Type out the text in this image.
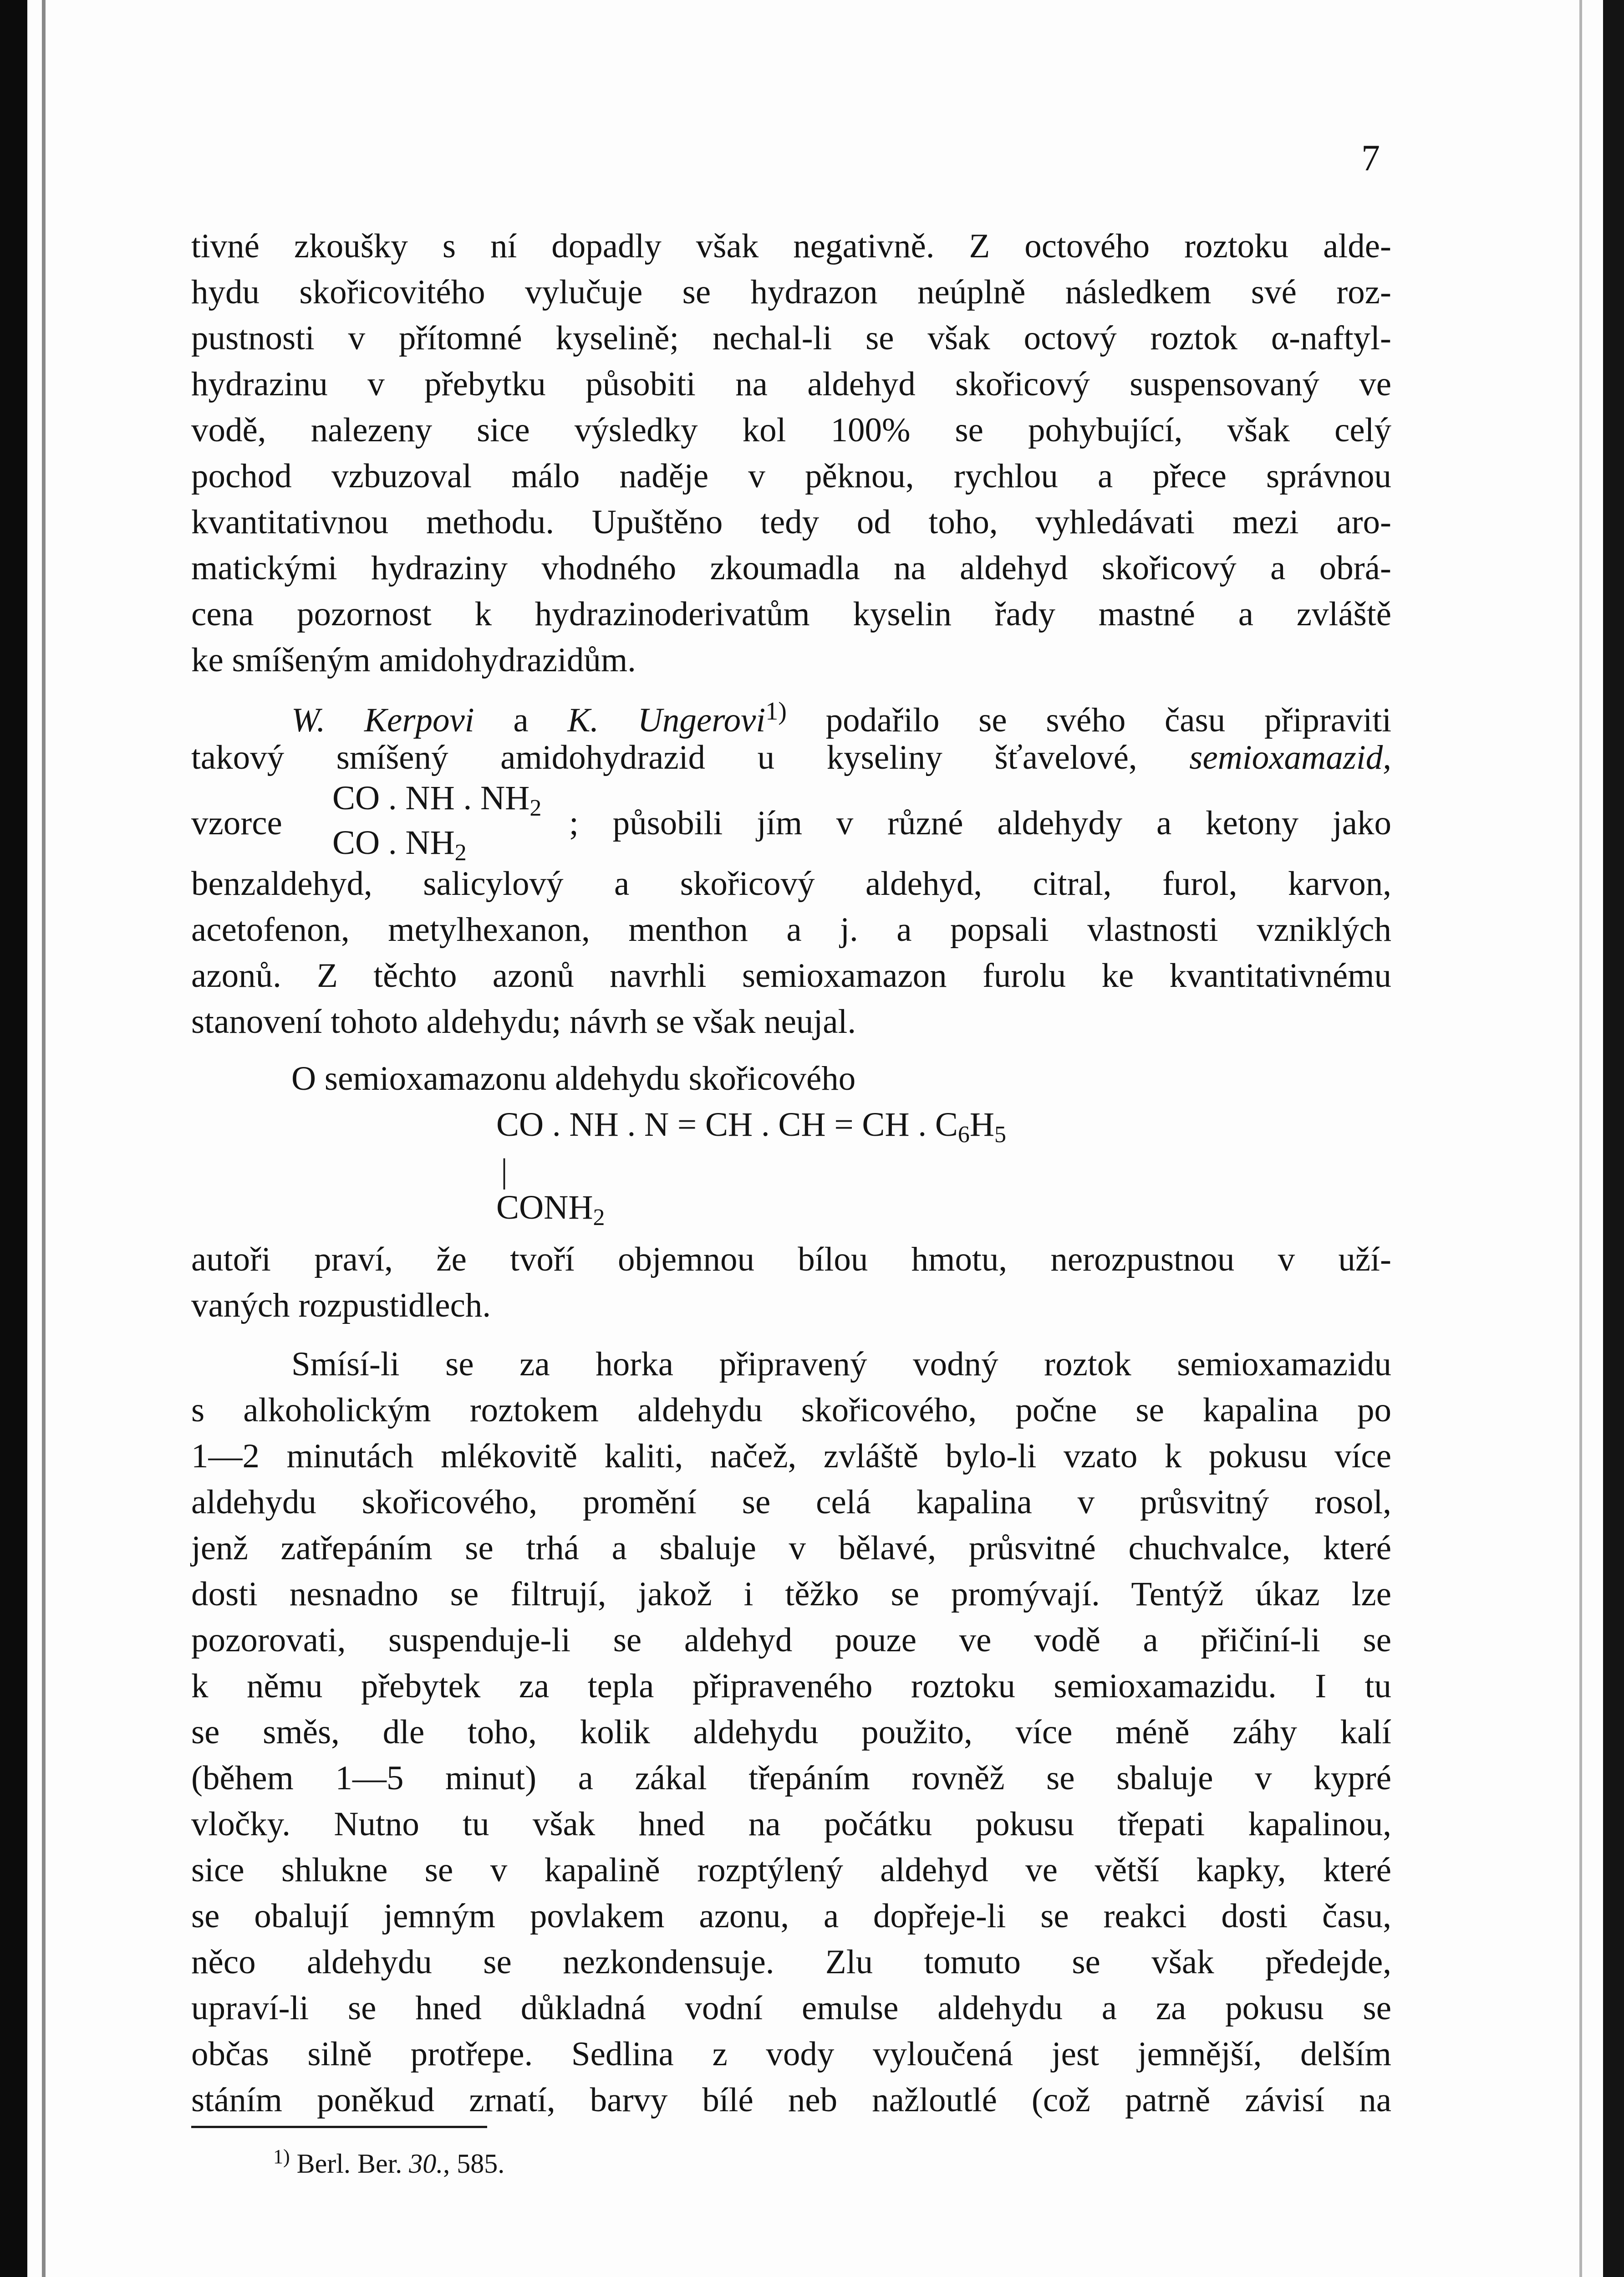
7
tivné zkoušky s ní dopadly však negativně. Z octového roztoku alde-
hydu skořicovitého vylučuje se hydrazon neúplně následkem své roz-
pustnosti v přítomné kyselině; nechal-li se však octový roztok α-naftyl-
hydrazinu v přebytku působiti na aldehyd skořicový suspensovaný ve
vodě, nalezeny sice výsledky kol 100% se pohybující, však celý
pochod vzbuzoval málo naděje v pěknou, rychlou a přece správnou
kvantitativnou methodu. Upuštěno tedy od toho, vyhledávati mezi aro-
matickými hydraziny vhodného zkoumadla na aldehyd skořicový a obrá-
cena pozornost k hydrazinoderivatům kyselin řady mastné a zvláště
ke smíšeným amidohydrazidům.
W. Kerpovi a K. Ungerovi$^{1)}$ podařilo se svého času připraviti
takový smíšený amidohydrazid u kyseliny šťavelové, semioxamazid,
vzorce
CO . NH . $NH_2$
CO . $NH_2$
; působili jím v různé aldehydy a ketony jako
benzaldehyd, salicylový a skořicový aldehyd, citral, furol, karvon,
acetofenon, metylhexanon, menthon a j. a popsali vlastnosti vzniklých
azonů. Z těchto azonů navrhli semioxamazon furolu ke kvantitativnému
stanovení tohoto aldehydu; návrh se však neujal.
O semioxamazonu aldehydu skořicového
CO . NH . N = CH . CH = CH . $C_6H_5$
|
$CONH_2$
autoři praví, že tvoří objemnou bílou hmotu, nerozpustnou v uží-
vaných rozpustidlech.
Smísí-li se za horka připravený vodný roztok semioxamazidu
s alkoholickým roztokem aldehydu skořicového, počne se kapalina po
1—2 minutách mlékovitě kaliti, načež, zvláště bylo-li vzato k pokusu více
aldehydu skořicového, promění se celá kapalina v průsvitný rosol,
jenž zatřepáním se trhá a sbaluje v bělavé, průsvitné chuchvalce, které
dosti nesnadno se filtrují, jakož i těžko se promývají. Tentýž úkaz lze
pozorovati, suspenduje-li se aldehyd pouze ve vodě a přičiní-li se
k němu přebytek za tepla připraveného roztoku semioxamazidu. I tu
se směs, dle toho, kolik aldehydu použito, více méně záhy kalí
(během 1—5 minut) a zákal třepáním rovněž se sbaluje v kypré
vločky. Nutno tu však hned na počátku pokusu třepati kapalinou,
sice shlukne se v kapalině rozptýlený aldehyd ve větší kapky, které
se obalují jemným povlakem azonu, a dopřeje-li se reakci dosti času,
něco aldehydu se nezkondensuje. Zlu tomuto se však předejde,
upraví-li se hned důkladná vodní emulse aldehydu a za pokusu se
občas silně protřepe. Sedlina z vody vyloučená jest jemnější, delším
stáním poněkud zrnatí, barvy bílé neb nažloutlé (což patrně závisí na
$^{1)}$ Berl. Ber. 30., 585.
